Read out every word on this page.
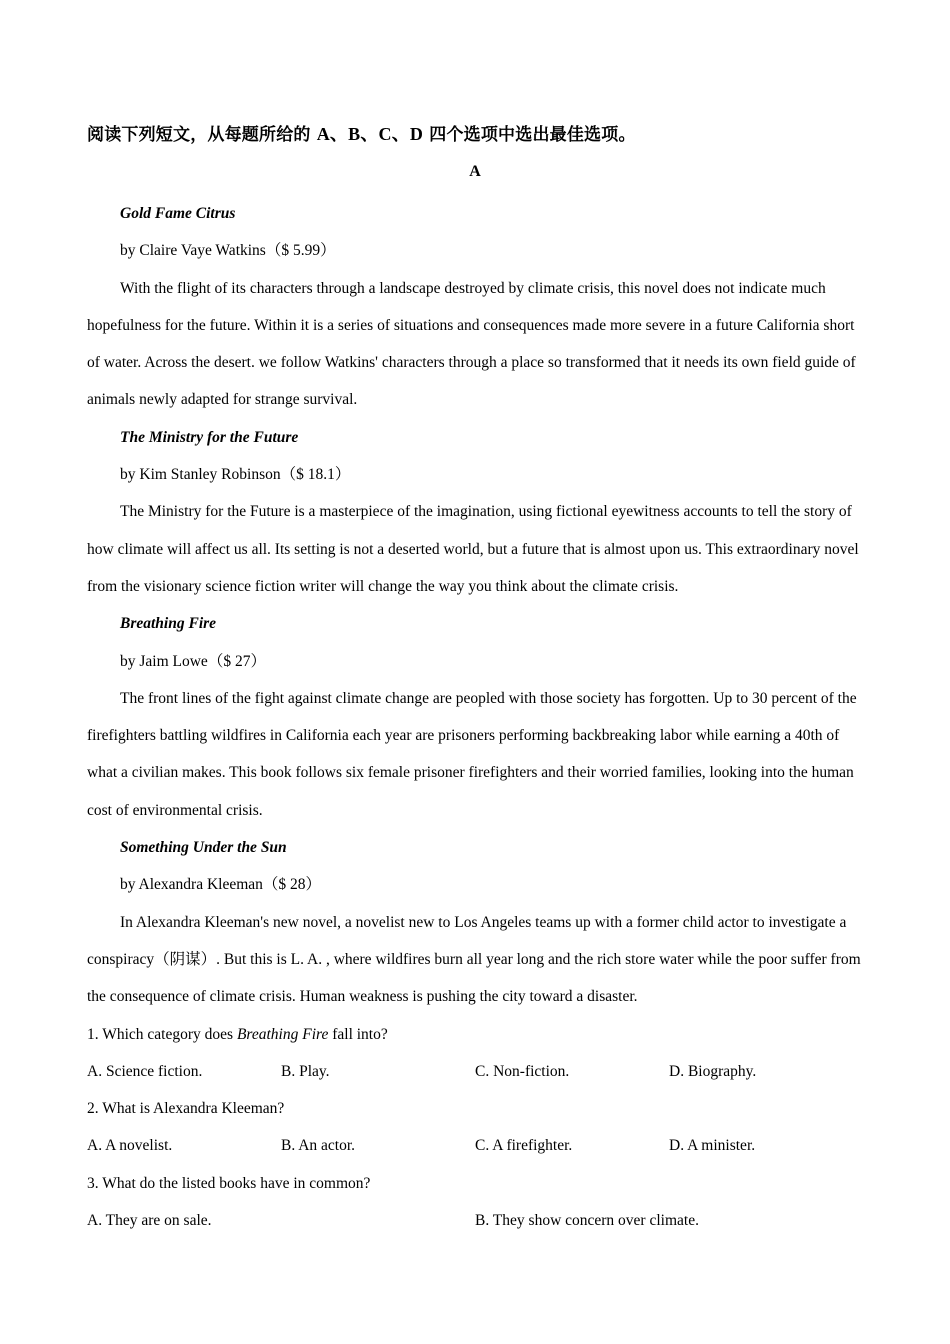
阅读下列短文，从每题所给的 A、B、C、D 四个选项中选出最佳选项。

A

Gold Fame Citrus

by Claire Vaye Watkins（$ 5.99）

With the flight of its characters through a landscape destroyed by climate crisis, this novel does not indicate much hopefulness for the future. Within it is a series of situations and consequences made more severe in a future California short of water. Across the desert. we follow Watkins' characters through a place so transformed that it needs its own field guide of animals newly adapted for strange survival.

The Ministry for the Future

by Kim Stanley Robinson（$ 18.1）

The Ministry for the Future is a masterpiece of the imagination, using fictional eyewitness accounts to tell the story of how climate will affect us all. Its setting is not a deserted world, but a future that is almost upon us. This extraordinary novel from the visionary science fiction writer will change the way you think about the climate crisis.

Breathing Fire

by Jaim Lowe（$ 27）

The front lines of the fight against climate change are peopled with those society has forgotten. Up to 30 percent of the firefighters battling wildfires in California each year are prisoners performing backbreaking labor while earning a 40th of what a civilian makes. This book follows six female prisoner firefighters and their worried families, looking into the human cost of environmental crisis.

Something Under the Sun

by Alexandra Kleeman（$ 28）

In Alexandra Kleeman's new novel, a novelist new to Los Angeles teams up with a former child actor to investigate a conspiracy（阴谋）. But this is L. A. , where wildfires burn all year long and the rich store water while the poor suffer from the consequence of climate crisis. Human weakness is pushing the city toward a disaster.

1. Which category does Breathing Fire fall into?

A. Science fiction.	B. Play.	C. Non-fiction.	D. Biography.

2. What is Alexandra Kleeman?

A. A novelist.	B. An actor.	C. A firefighter.	D. A minister.

3. What do the listed books have in common?

A. They are on sale.	B. They show concern over climate.
